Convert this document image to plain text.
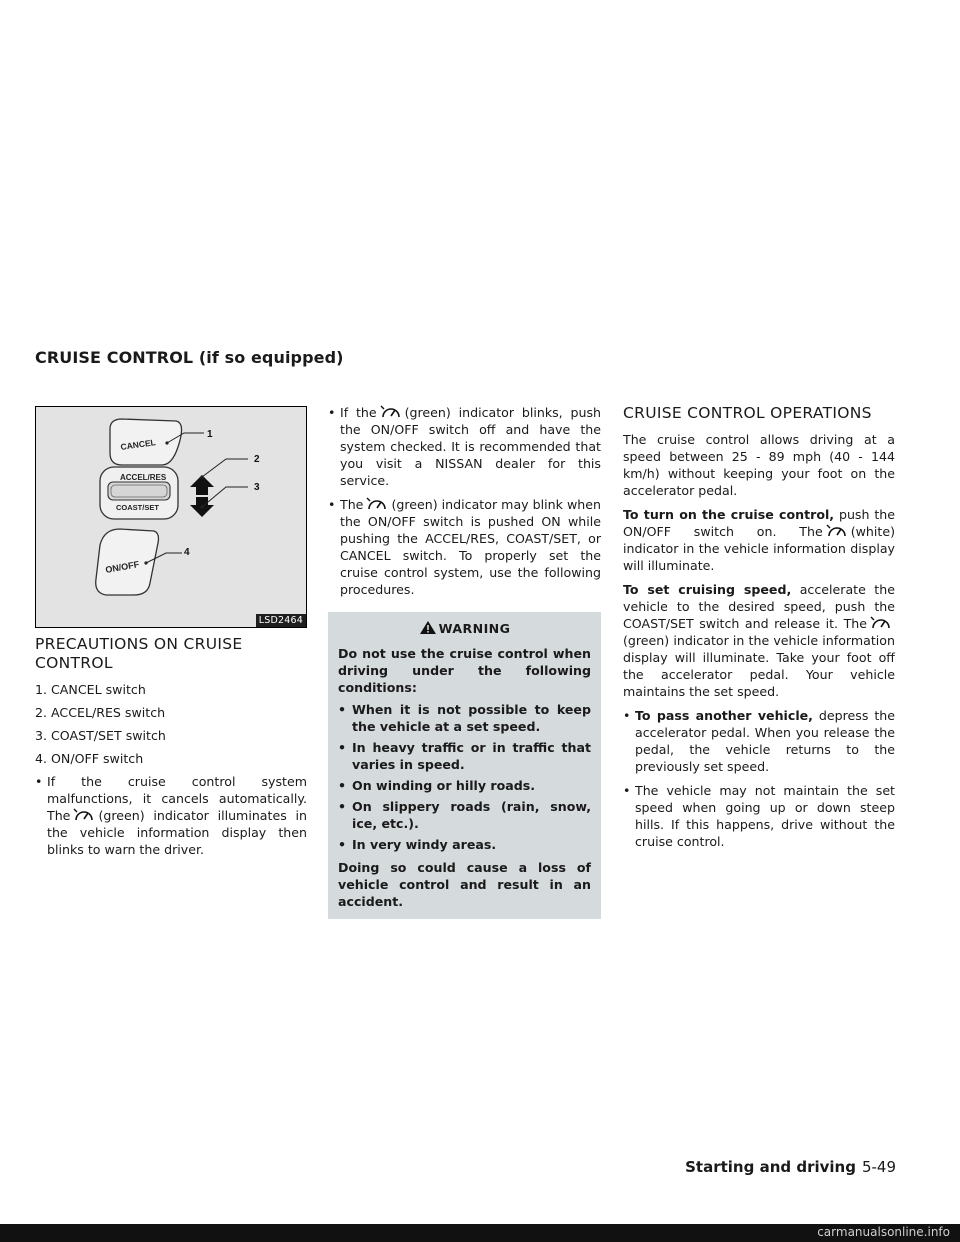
CRUISE CONTROL (if so equipped)
CANCEL
ACCEL/RES
COAST/SET
ON/OFF
1
2
3
4
LSD2464
PRECAUTIONS ON CRUISE CONTROL
1. CANCEL switch
2. ACCEL/RES switch
3. COAST/SET switch
4. ON/OFF switch
• If the cruise control system malfunctions, it cancels automatically. The (green) indicator illuminates in the vehicle information display then blinks to warn the driver.
• If the (green) indicator blinks, push the ON/OFF switch off and have the system checked. It is recommended that you visit a NISSAN dealer for this service.
• The (green) indicator may blink when the ON/OFF switch is pushed ON while pushing the ACCEL/RES, COAST/SET, or CANCEL switch. To properly set the cruise control system, use the following procedures.
WARNING

Do not use the cruise control when driving under the following conditions:

• When it is not possible to keep the vehicle at a set speed.
• In heavy traffic or in traffic that varies in speed.
• On winding or hilly roads.
• On slippery roads (rain, snow, ice, etc.).
• In very windy areas.

Doing so could cause a loss of vehicle control and result in an accident.

CRUISE CONTROL OPERATIONS

The cruise control allows driving at a speed between 25 - 89 mph (40 - 144 km/h) without keeping your foot on the accelerator pedal.

To turn on the cruise control, push the ON/OFF switch on. The (white) indicator in the vehicle information display will illuminate.

To set cruising speed, accelerate the vehicle to the desired speed, push the COAST/SET switch and release it. The(green) indicator in the vehicle information display will illuminate. Take your foot off the accelerator pedal. Your vehicle maintains the set speed.

• To pass another vehicle, depress the accelerator pedal. When you release the pedal, the vehicle returns to the previously set speed.
• The vehicle may not maintain the set speed when going up or down steep hills. If this happens, drive without the cruise control.
Starting and driving 5-49
carmanualsonline.info
